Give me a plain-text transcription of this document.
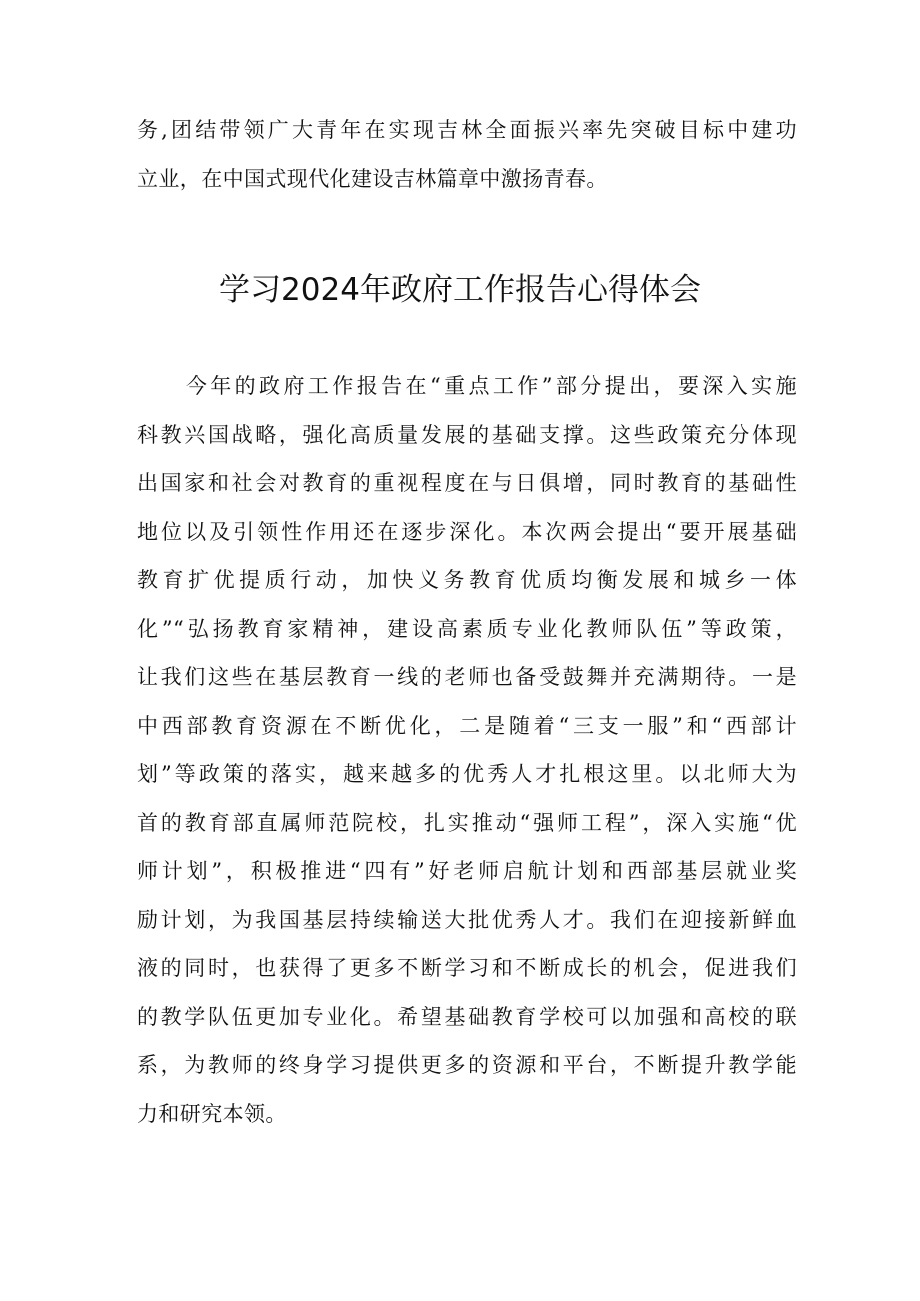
务,团结带领广大青年在实现吉林全面振兴率先突破目标中建功
立业，在中国式现代化建设吉林篇章中激扬青春。
学习2024年政府工作报告心得体会
　　今年的政府工作报告在“重点工作”部分提出，要深入实施
科教兴国战略，强化高质量发展的基础支撑。这些政策充分体现
出国家和社会对教育的重视程度在与日俱增，同时教育的基础性
地位以及引领性作用还在逐步深化。本次两会提出“要开展基础
教育扩优提质行动，加快义务教育优质均衡发展和城乡一体
化”“弘扬教育家精神，建设高素质专业化教师队伍”等政策，
让我们这些在基层教育一线的老师也备受鼓舞并充满期待。一是
中西部教育资源在不断优化，二是随着“三支一服”和“西部计
划”等政策的落实，越来越多的优秀人才扎根这里。以北师大为
首的教育部直属师范院校，扎实推动“强师工程”，深入实施“优
师计划”，积极推进“四有”好老师启航计划和西部基层就业奖
励计划，为我国基层持续输送大批优秀人才。我们在迎接新鲜血
液的同时，也获得了更多不断学习和不断成长的机会，促进我们
的教学队伍更加专业化。希望基础教育学校可以加强和高校的联
系，为教师的终身学习提供更多的资源和平台，不断提升教学能
力和研究本领。
